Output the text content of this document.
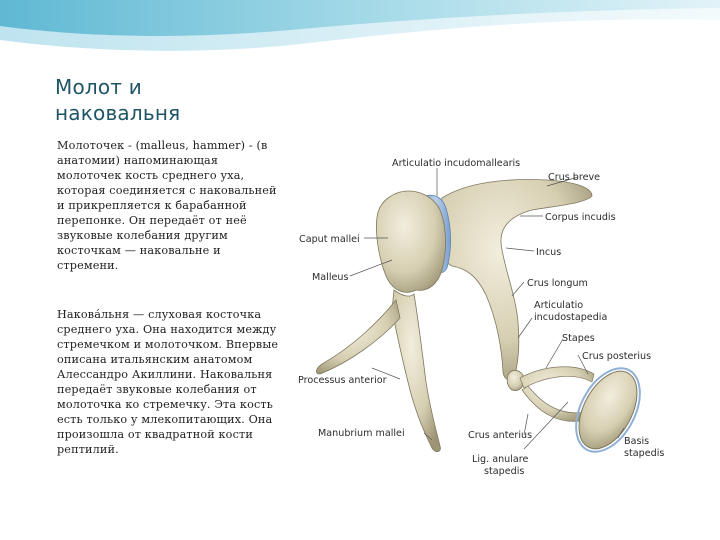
Молот и
наковальня

Молоточек - (malleus, hammer) - (в анатомии) напоминающая молоточек кость среднего уха, которая соединяется с наковальней и прикрепляется к барабанной перепонке. Он передаёт от неё звуковые колебания другим косточкам — наковальне и стремени.

Накова́льня — слуховая косточка среднего уха. Она находится между стремечком и молоточком. Впервые описана итальянским анатомом Алессандро Акиллини. Наковальня передаёт звуковые колебания от молоточка ко стремечку. Эта кость есть только у млекопитающих. Она произошла от квадратной кости рептилий.

Articulatio incudomallearis
Crus breve
Corpus incudis
Caput mallei
Incus
Malleus
Crus longum
Articulatio
incudostapedia
Stapes
Crus posterius
Processus anterior
Manubrium mallei	Crus anterius
Basis
stapedis
Lig. anulare
stapedis
